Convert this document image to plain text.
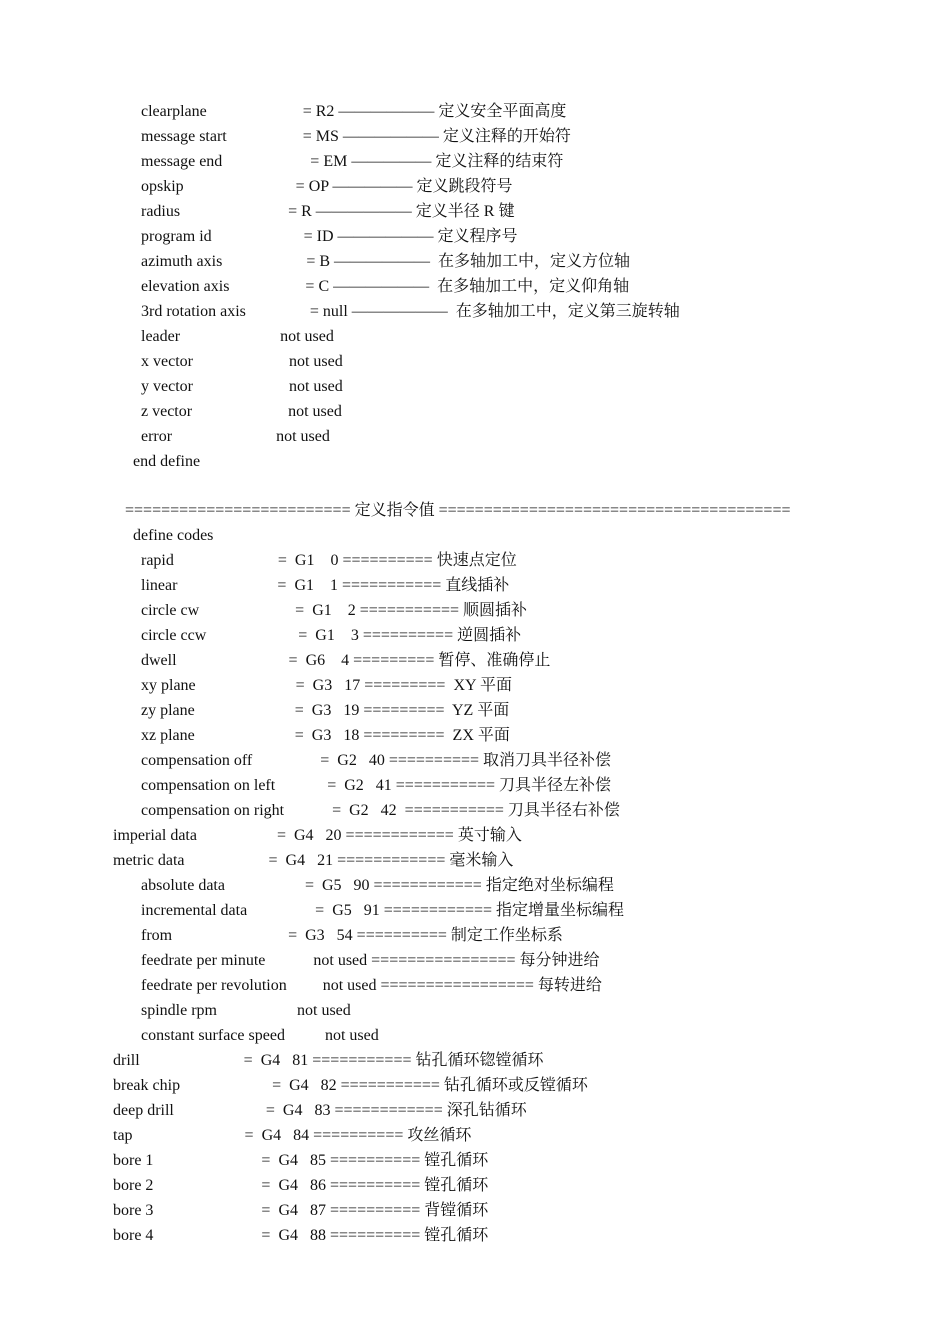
clearplane                        = R2 —————— 定义安全平面高度
message start                   = MS —————— 定义注释的开始符
message end                      = EM ————— 定义注释的结束符
opskip                            = OP ————— 定义跳段符号
radius                           = R —————— 定义半径 R 键
program id                       = ID —————— 定义程序号
azimuth axis                     = B ——————  在多轴加工中，定义方位轴
elevation axis                   = C ——————  在多轴加工中，定义仰角轴
3rd rotation axis                = null ——————  在多轴加工中，定义第三旋转轴
leader                         not used
x vector                        not used
y vector                        not used
z vector                        not used
error                          not used
end define
========================= 定义指令值 =======================================
define codes
rapid                          =  G1    0 ========== 快速点定位
linear                         =  G1    1 =========== 直线插补
circle cw                        =  G1    2 =========== 顺圆插补
circle ccw                       =  G1    3 ========== 逆圆插补
dwell                            =  G6    4 ========= 暂停、准确停止
xy plane                         =  G3   17 =========  XY 平面
zy plane                         =  G3   19 =========  YZ 平面
xz plane                         =  G3   18 =========  ZX 平面
compensation off                 =  G2   40 ========== 取消刀具半径补偿
compensation on left             =  G2   41 =========== 刀具半径左补偿
compensation on right            =  G2   42  =========== 刀具半径右补偿
imperial data                    =  G4   20 ============ 英寸输入
metric data                     =  G4   21 ============ 毫米输入
absolute data                    =  G5   90 ============ 指定绝对坐标编程
incremental data                 =  G5   91 ============ 指定增量坐标编程
from                             =  G3   54 ========== 制定工作坐标系
feedrate per minute            not used ================ 每分钟进给
feedrate per revolution         not used ================= 每转进给
spindle rpm                    not used
constant surface speed          not used
drill                          =  G4   81 =========== 钻孔循环锪镗循环
break chip                       =  G4   82 =========== 钻孔循环或反镗循环
deep drill                       =  G4   83 ============ 深孔钻循环
tap                            =  G4   84 ========== 攻丝循环
bore 1                           =  G4   85 ========== 镗孔循环
bore 2                           =  G4   86 ========== 镗孔循环
bore 3                           =  G4   87 ========== 背镗循环
bore 4                           =  G4   88 ========== 镗孔循环
